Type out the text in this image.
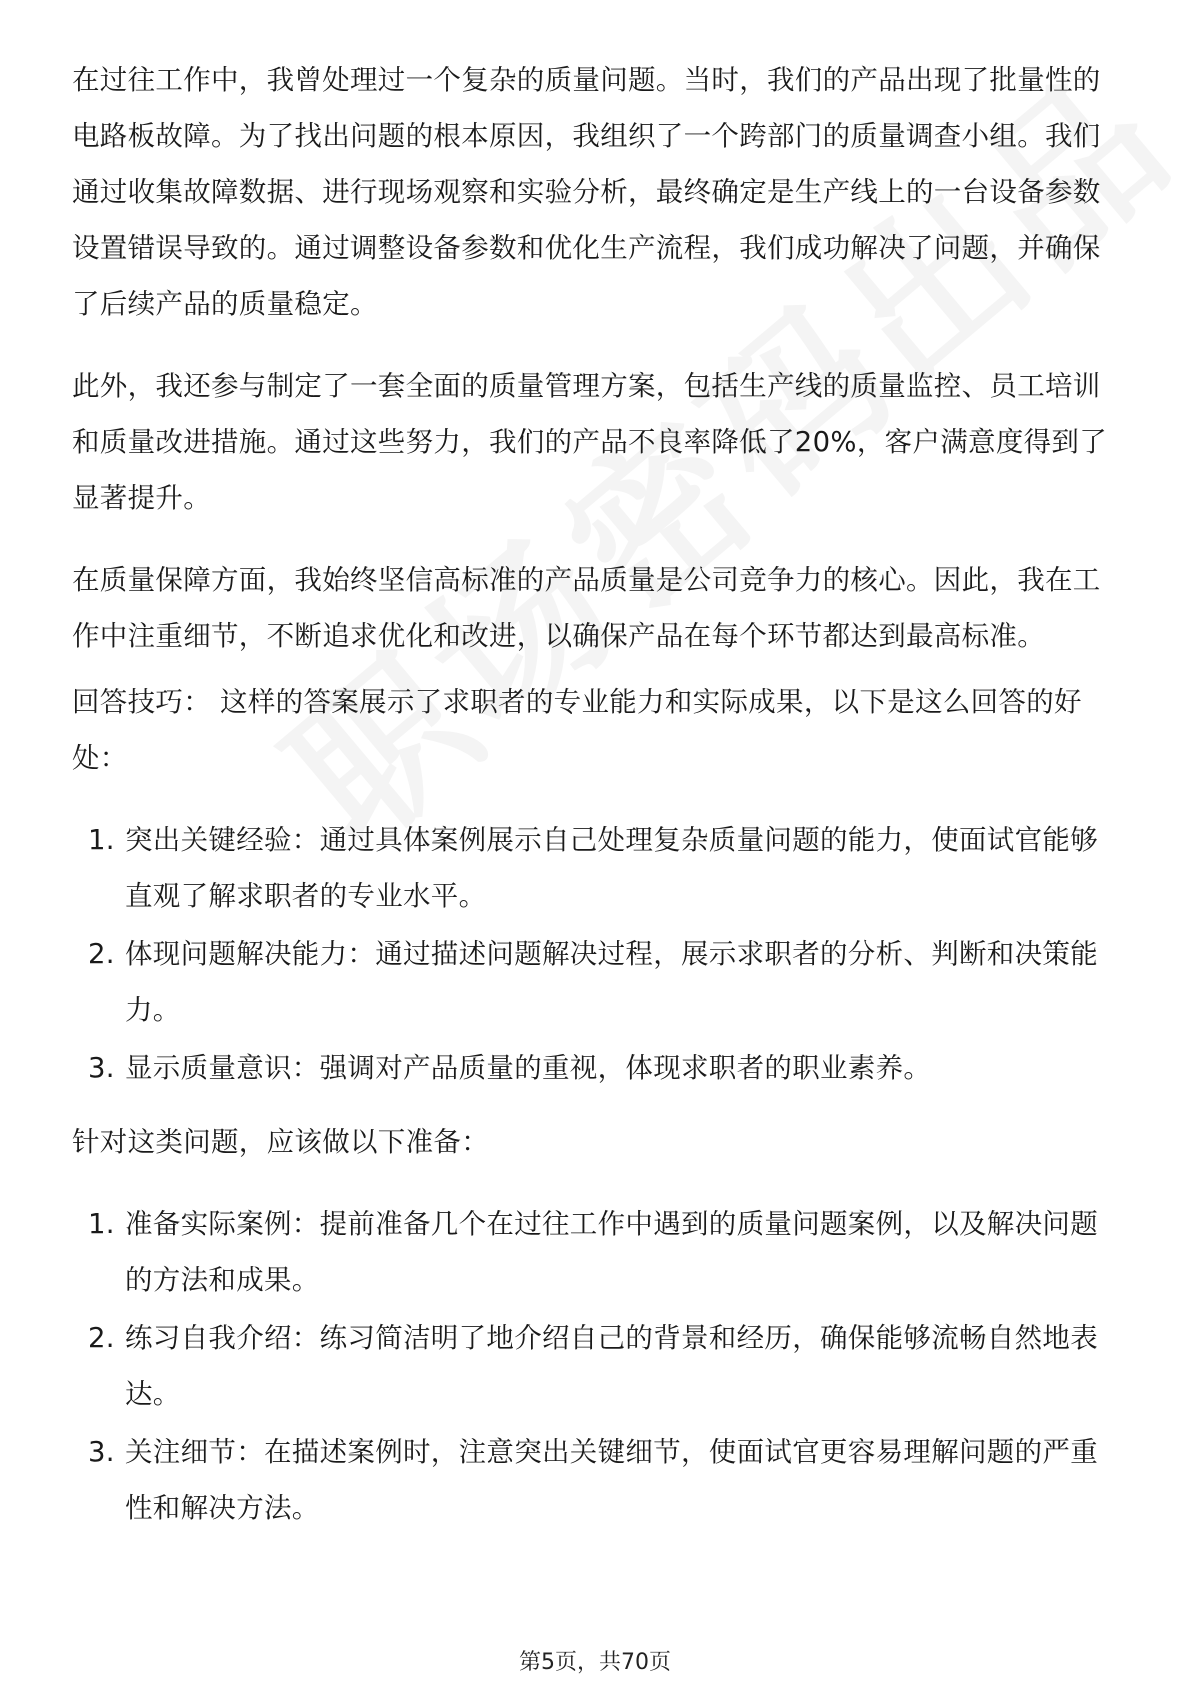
在过往工作中，我曾处理过一个复杂的质量问题。当时，我们的产品出现了批量性的电路板故障。为了找出问题的根本原因，我组织了一个跨部门的质量调查小组。我们通过收集故障数据、进行现场观察和实验分析，最终确定是生产线上的一台设备参数设置错误导致的。通过调整设备参数和优化生产流程，我们成功解决了问题，并确保了后续产品的质量稳定。

此外，我还参与制定了一套全面的质量管理方案，包括生产线的质量监控、员工培训和质量改进措施。通过这些努力，我们的产品不良率降低了20%，客户满意度得到了显著提升。

在质量保障方面，我始终坚信高标准的产品质量是公司竞争力的核心。因此，我在工作中注重细节，不断追求优化和改进，以确保产品在每个环节都达到最高标准。

回答技巧： 这样的答案展示了求职者的专业能力和实际成果，以下是这么回答的好处：

1. 突出关键经验：通过具体案例展示自己处理复杂质量问题的能力，使面试官能够直观了解求职者的专业水平。
2. 体现问题解决能力：通过描述问题解决过程，展示求职者的分析、判断和决策能力。
3. 显示质量意识：强调对产品质量的重视，体现求职者的职业素养。

针对这类问题，应该做以下准备：

1. 准备实际案例：提前准备几个在过往工作中遇到的质量问题案例，以及解决问题的方法和成果。
2. 练习自我介绍：练习简洁明了地介绍自己的背景和经历，确保能够流畅自然地表达。
3. 关注细节：在描述案例时，注意突出关键细节，使面试官更容易理解问题的严重性和解决方法。
第5页，共70页
